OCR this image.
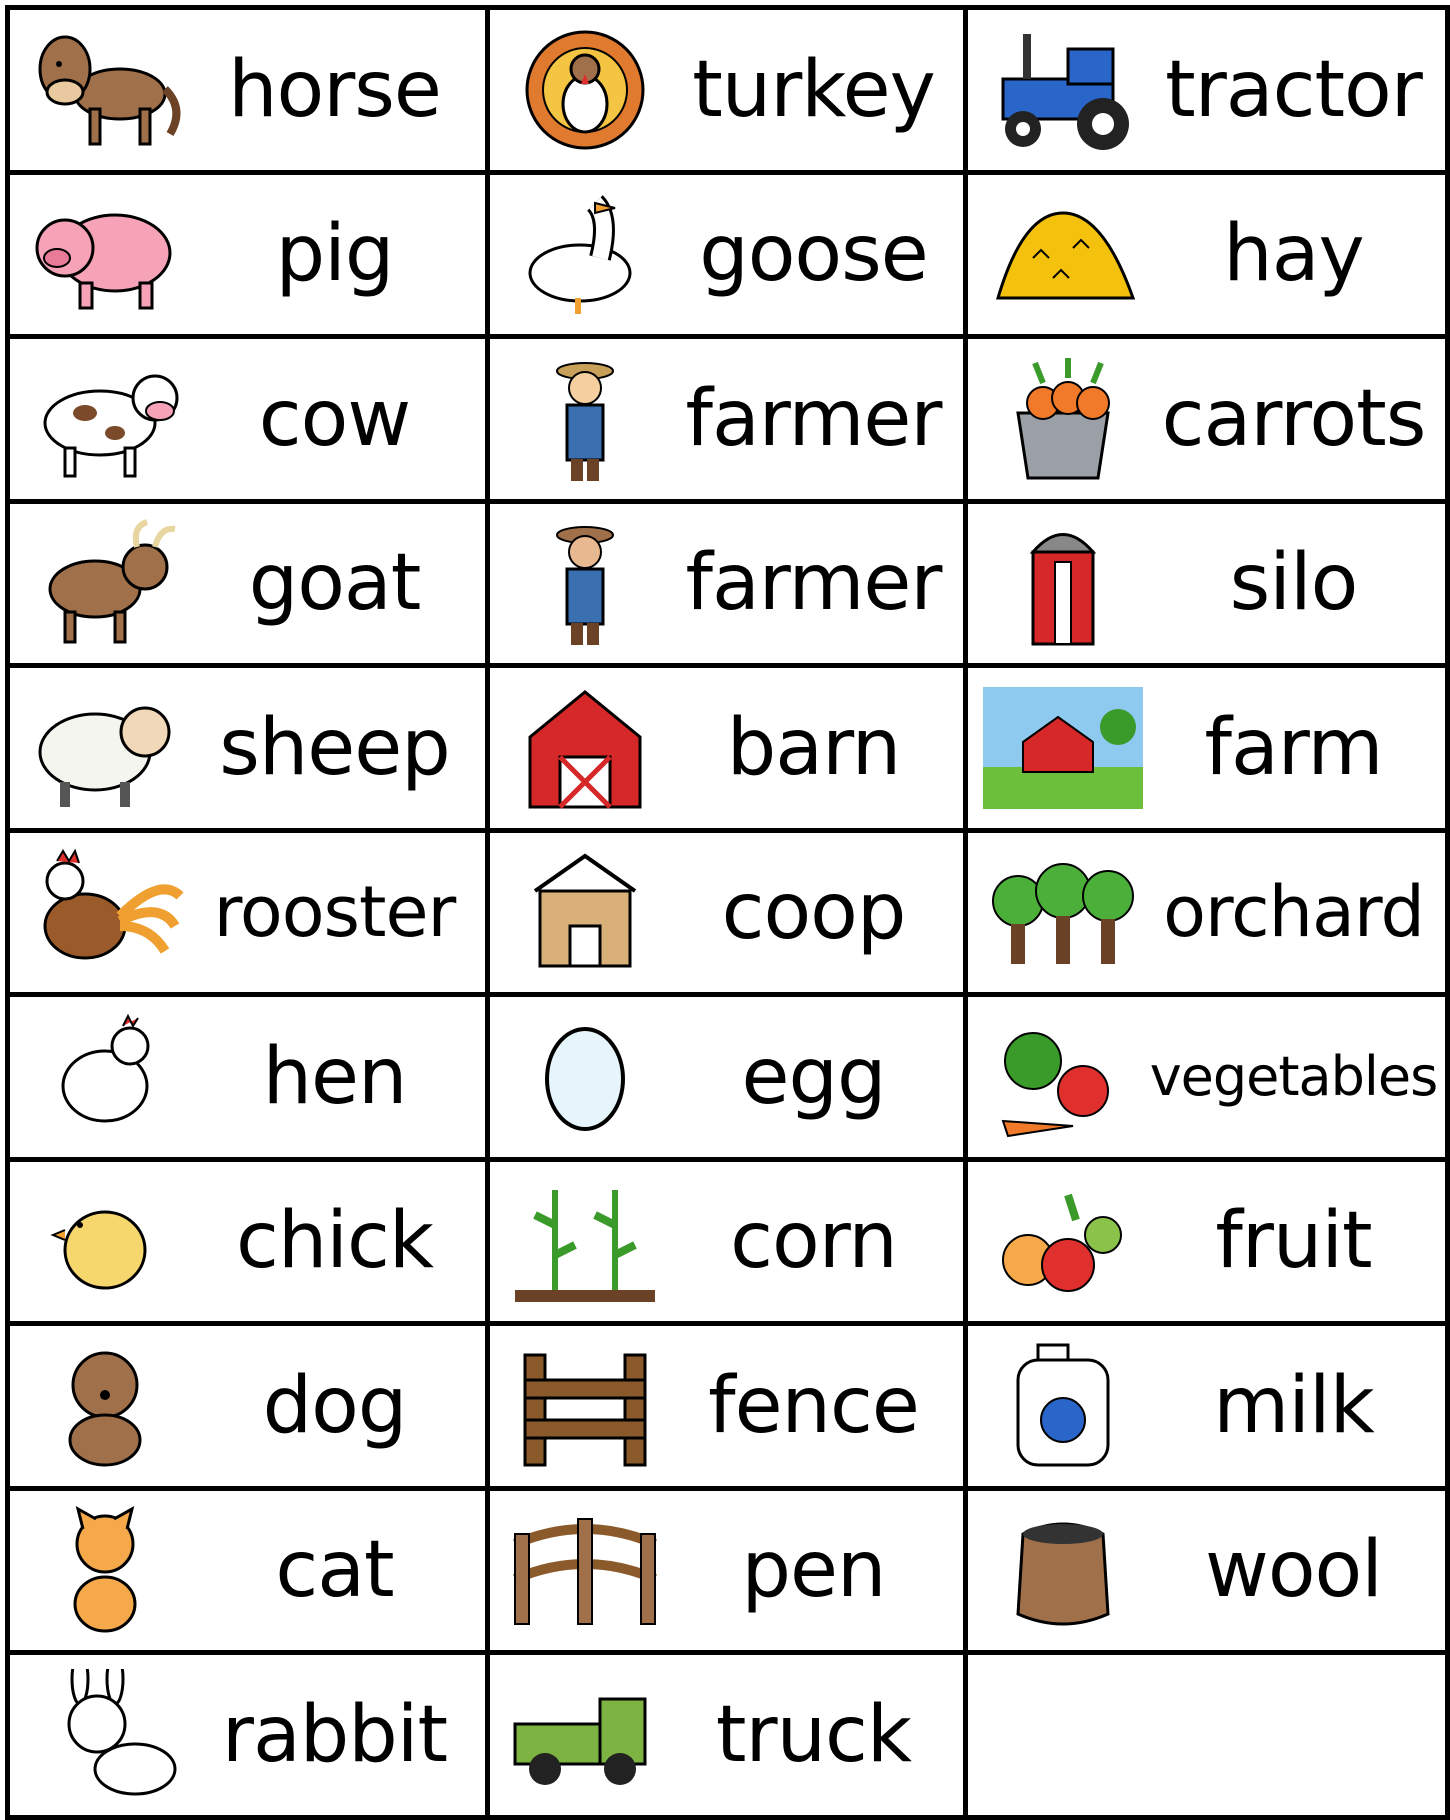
horse	turkey	tractor
pig	goose	hay
cow	farmer	carrots
goat	farmer	silo
sheep	barn	farm
rooster	coop	orchard
hen	egg	vegetables
chick	corn	fruit
dog	fence	milk
cat	pen	wool
rabbit	truck
